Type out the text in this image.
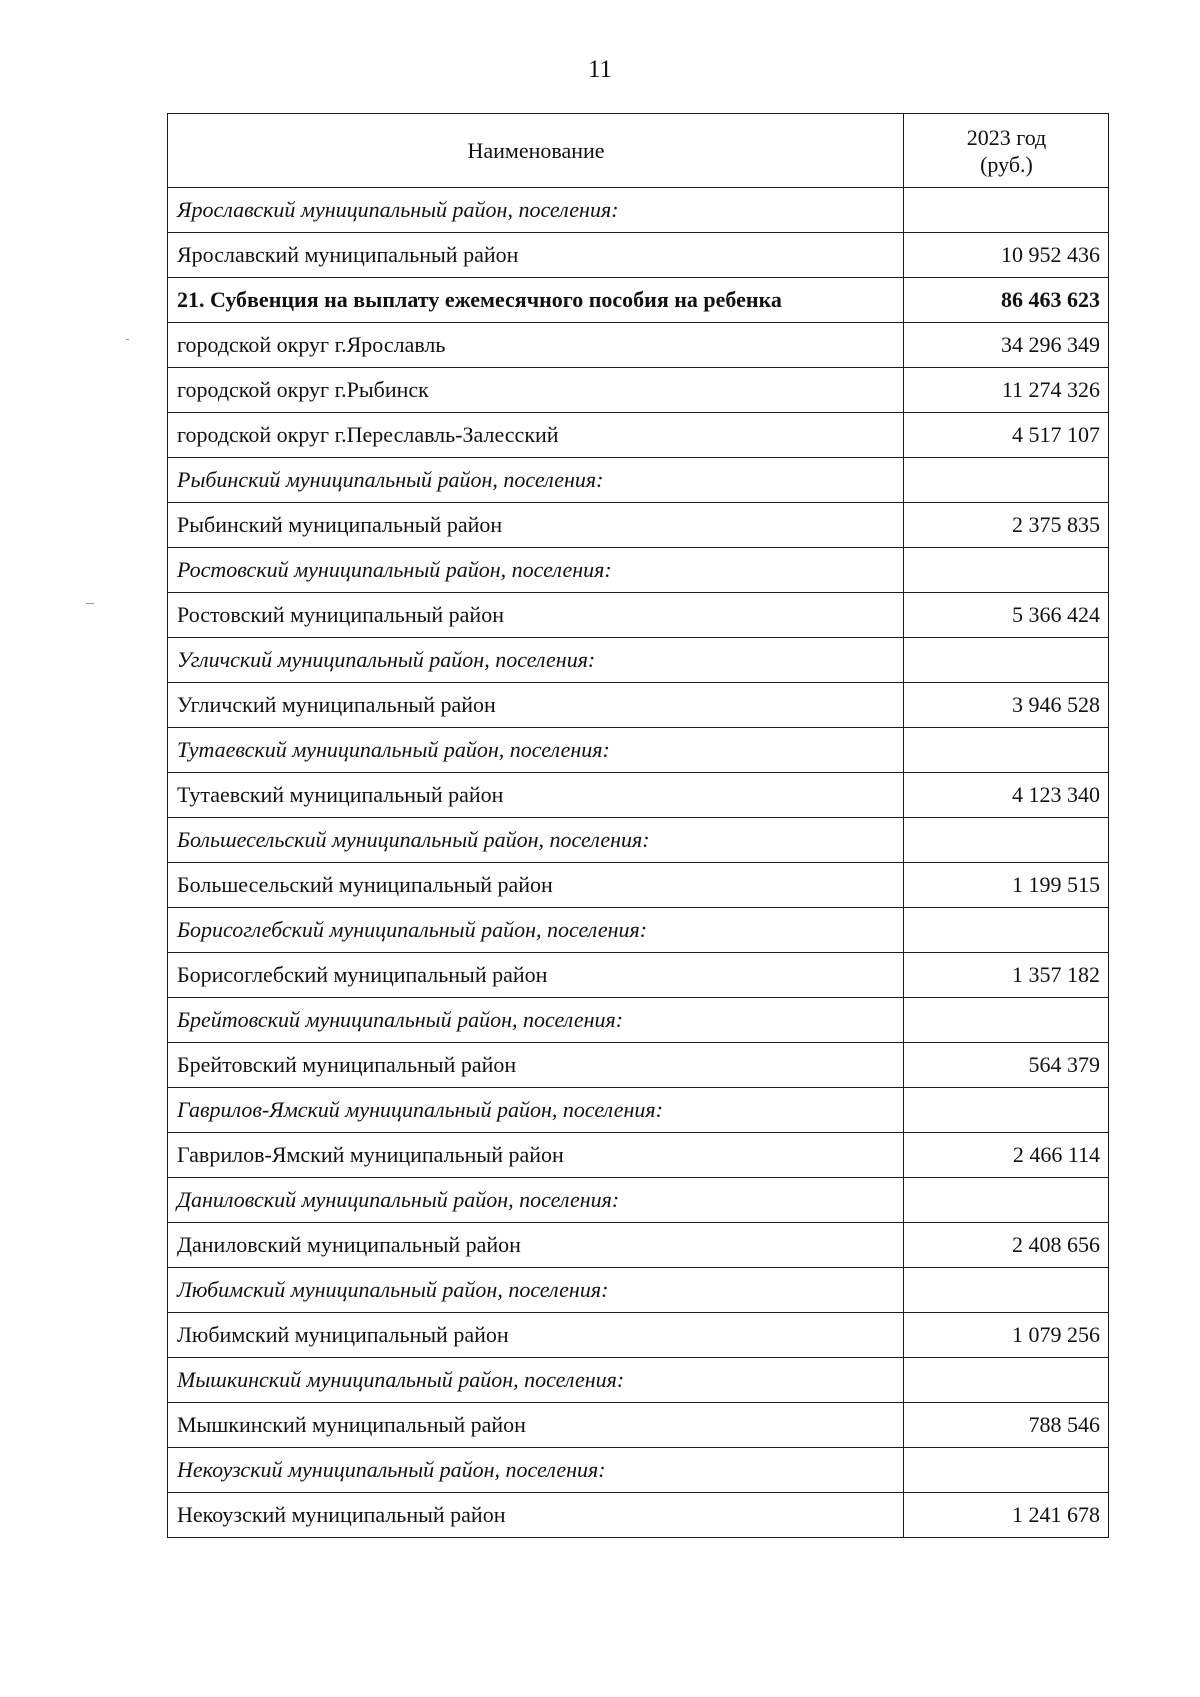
11
Наименование	2023 год
(руб.)

Ярославский муниципальный район, поселения:	
Ярославский муниципальный район	10 952 436
21. Субвенция на выплату ежемесячного пособия на ребенка	86 463 623
городской округ г.Ярославль	34 296 349
городской округ г.Рыбинск	11 274 326
городской округ г.Переславль-Залесский	4 517 107
Рыбинский муниципальный район, поселения:	
Рыбинский муниципальный район	2 375 835
Ростовский муниципальный район, поселения:	
Ростовский муниципальный район	5 366 424
Угличский муниципальный район, поселения:	
Угличский муниципальный район	3 946 528
Тутаевский муниципальный район, поселения:	
Тутаевский муниципальный район	4 123 340
Большесельский муниципальный район, поселения:	
Большесельский муниципальный район	1 199 515
Борисоглебский муниципальный район, поселения:	
Борисоглебский муниципальный район	1 357 182
Брейтовский муниципальный район, поселения:	
Брейтовский муниципальный район	564 379
Гаврилов-Ямский муниципальный район, поселения:	
Гаврилов-Ямский муниципальный район	2 466 114
Даниловский муниципальный район, поселения:	
Даниловский муниципальный район	2 408 656
Любимский муниципальный район, поселения:	
Любимский муниципальный район	1 079 256
Мышкинский муниципальный район, поселения:	
Мышкинский муниципальный район	788 546
Некоузский муниципальный район, поселения:	
Некоузский муниципальный район	1 241 678
